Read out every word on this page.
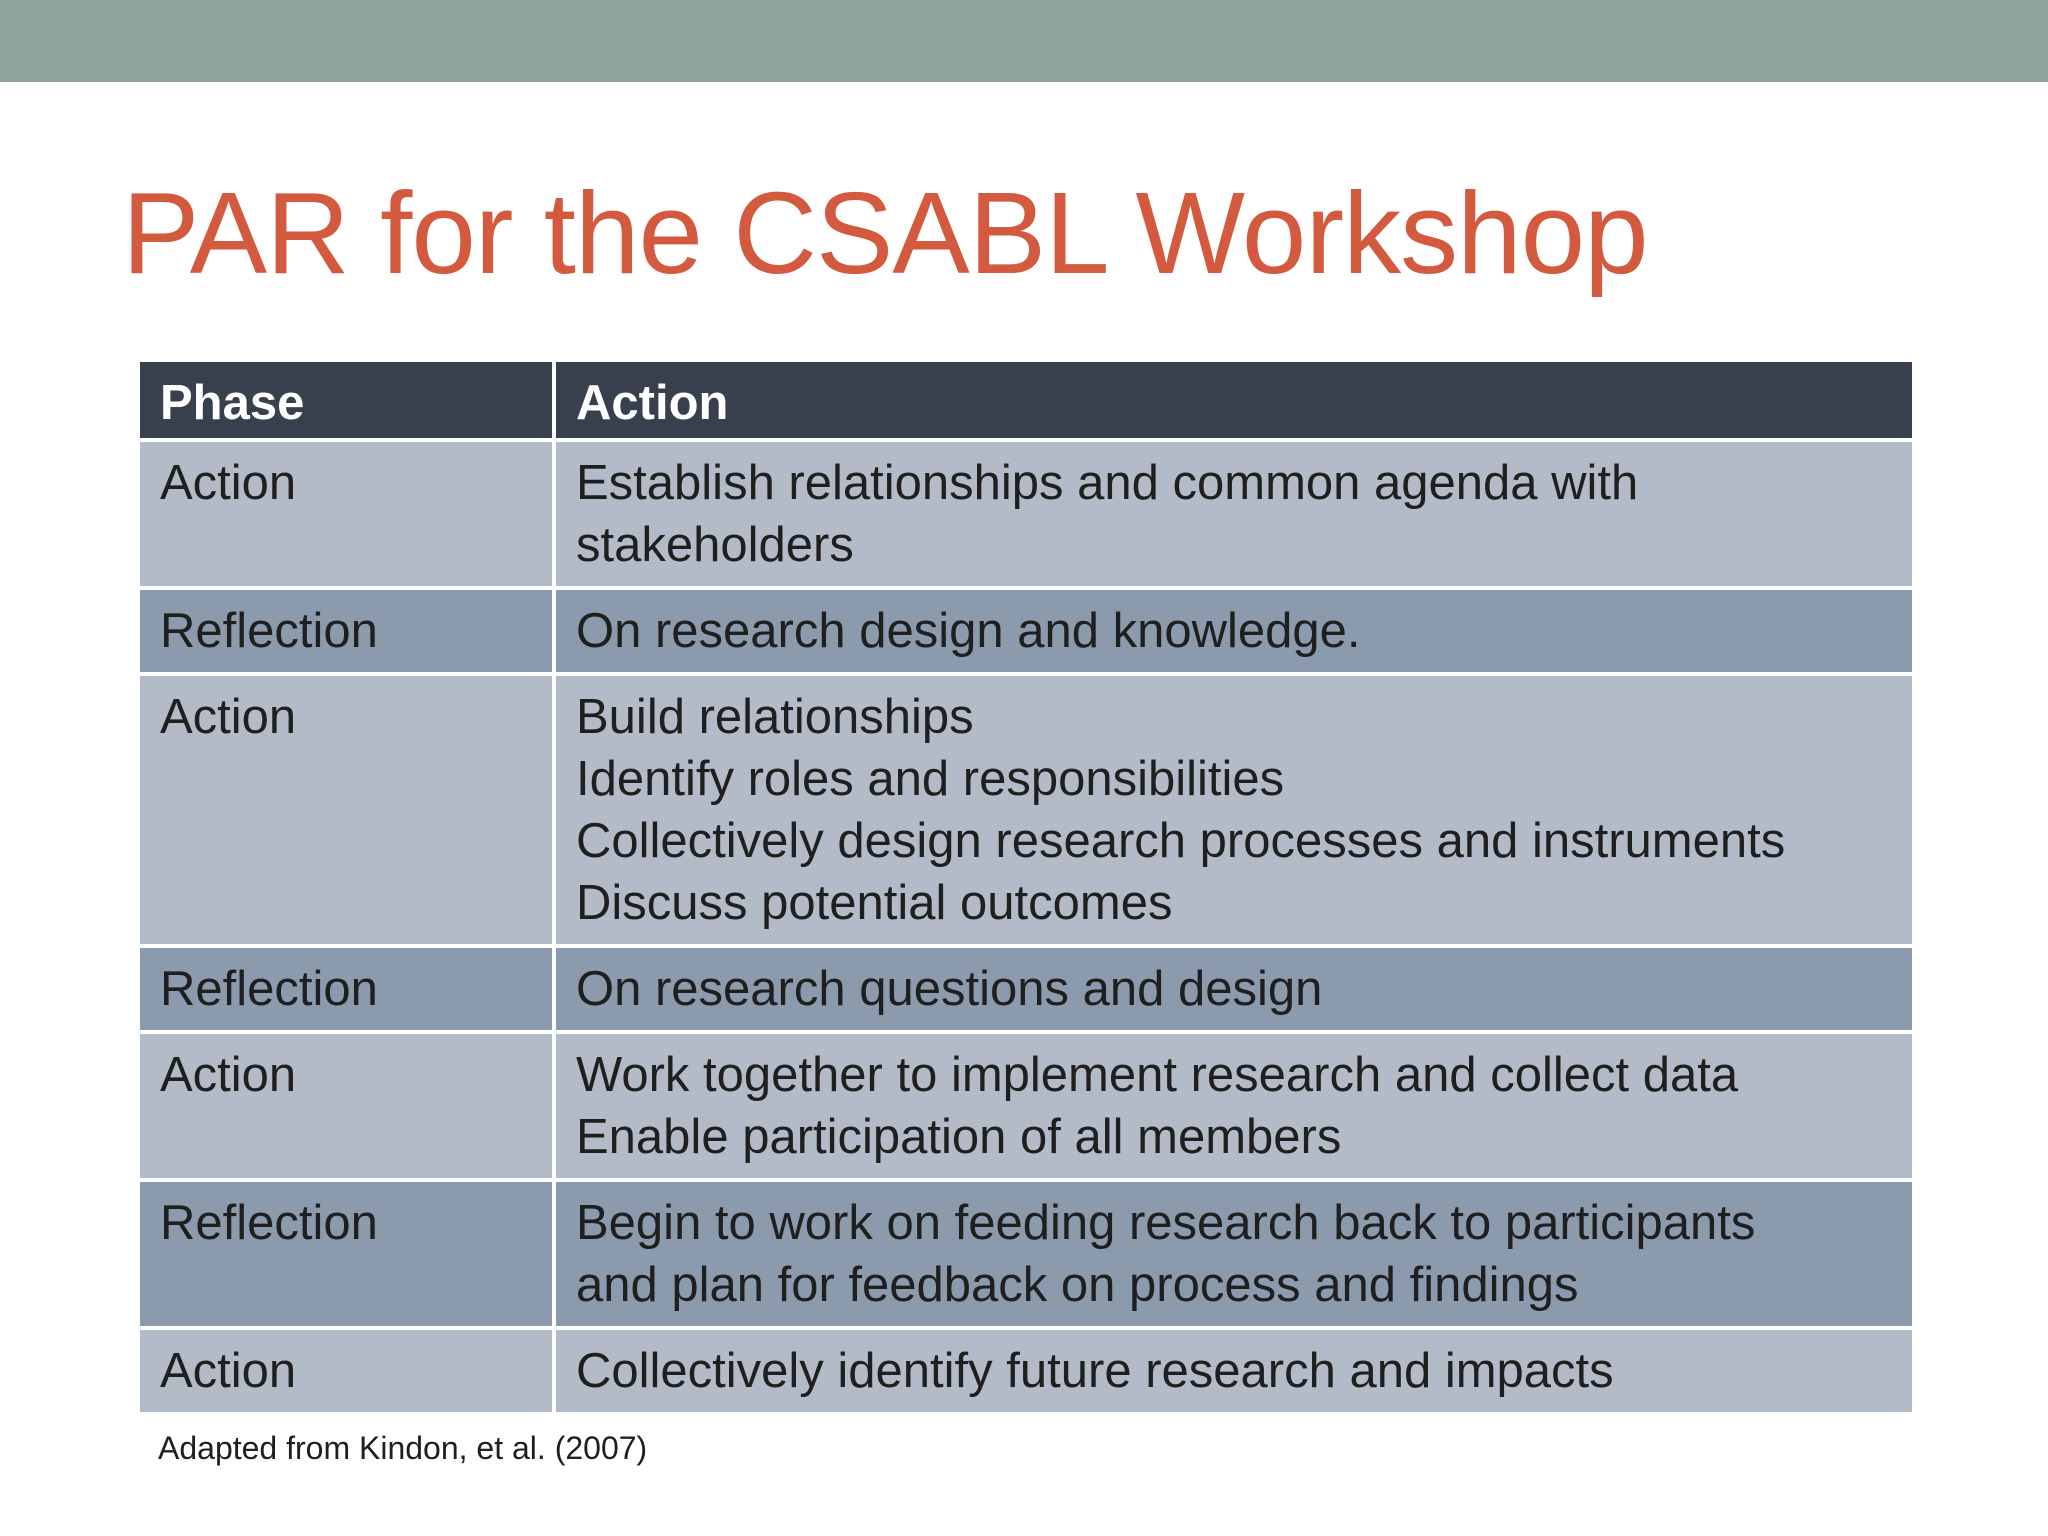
PAR for the CSABL Workshop
Phase	Action
Action	Establish relationships and common agenda with
stakeholders

Reflection	On research design and knowledge.

Action	Build relationships
Identify roles and responsibilities
Collectively design research processes and instruments
Discuss potential outcomes

Reflection	On research questions and design

Action	Work together to implement research and collect data
Enable participation of all members

Reflection	Begin to work on feeding research back to participants
and plan for feedback on process and findings

Action	Collectively identify future research and impacts
Adapted from Kindon, et al. (2007)
